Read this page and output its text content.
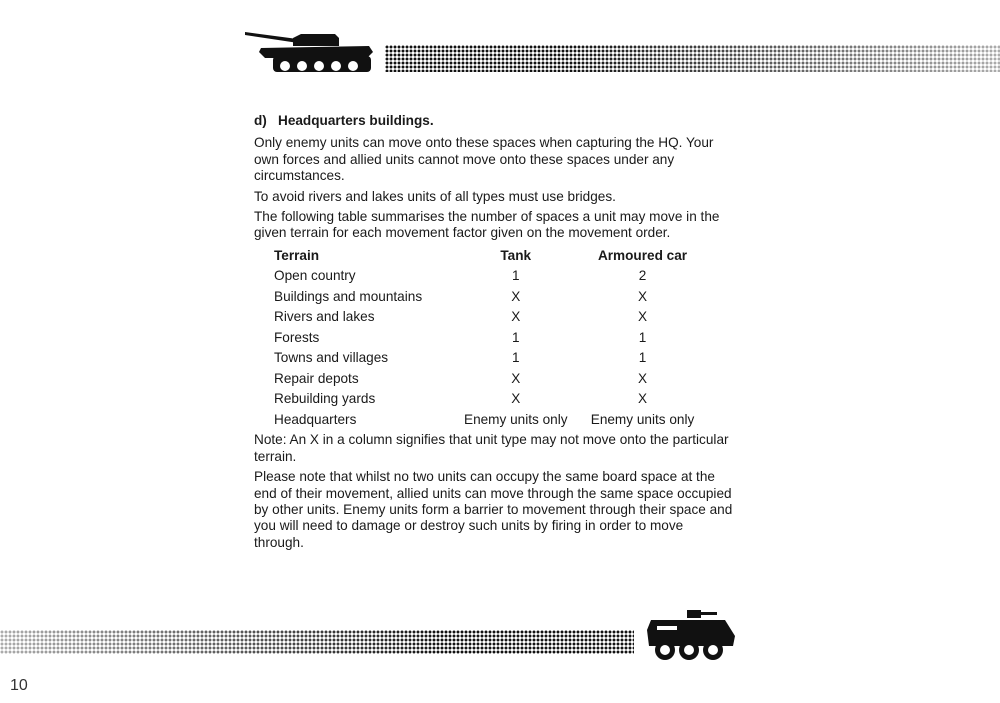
d) Headquarters buildings.

Only enemy units can move onto these spaces when capturing the HQ. Your own forces and allied units cannot move onto these spaces under any circumstances.

To avoid rivers and lakes units of all types must use bridges.

The following table summarises the number of spaces a unit may move in the given terrain for each movement factor given on the movement order.

Terrain	Tank	Armoured car
Open country	1	2
Buildings and mountains	X	X
Rivers and lakes	X	X
Forests	1	1
Towns and villages	1	1
Repair depots	X	X
Rebuilding yards	X	X
Headquarters	Enemy units only	Enemy units only

Note: An X in a column signifies that unit type may not move onto the particular terrain.

Please note that whilst no two units can occupy the same board space at the end of their movement, allied units can move through the same space occupied by other units. Enemy units form a barrier to movement through their space and you will need to damage or destroy such units by firing in order to move through.

10
